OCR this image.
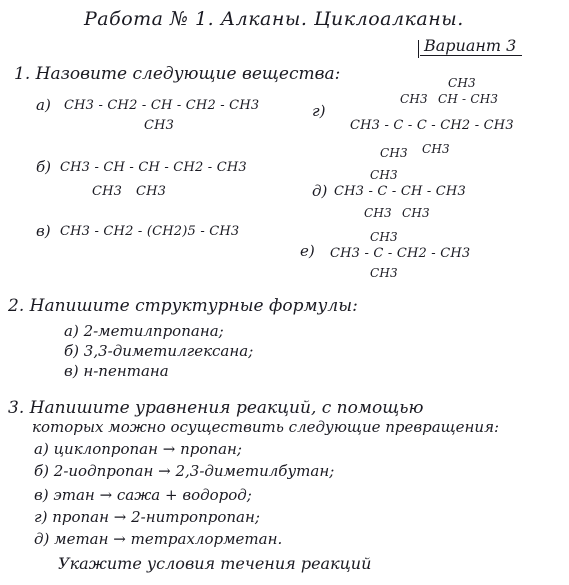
Работа № 1. Алканы. Циклоалканы.
Вариант 3
1. Назовите следующие вещества:
а) CH3 - CH2 - CH - CH2 - CH3
CH3
б) CH3 - CH - CH - CH2 - CH3
CH3 CH3
в) CH3 - CH2 - (CH2)5 - CH3
г)
CH3
CH3 CH - CH3
CH3 - C - C - CH2 - CH3
CH3 CH3
д)
CH3
CH3 - C - CH - CH3
CH3 CH3
е)
CH3
CH3 - C - CH2 - CH3
CH3
2. Напишите структурные формулы:
а) 2-метилпропана;
б) 3,3-диметилгексана;
в) н-пентана
3. Напишите уравнения реакций, с помощью
которых можно осуществить следующие превращения:
а) циклопропан → пропан;
б) 2-иодпропан → 2,3-диметилбутан;
в) этан → сажа + водород;
г) пропан → 2-нитропропан;
д) метан → тетрахлорметан.
Укажите условия течения реакций
